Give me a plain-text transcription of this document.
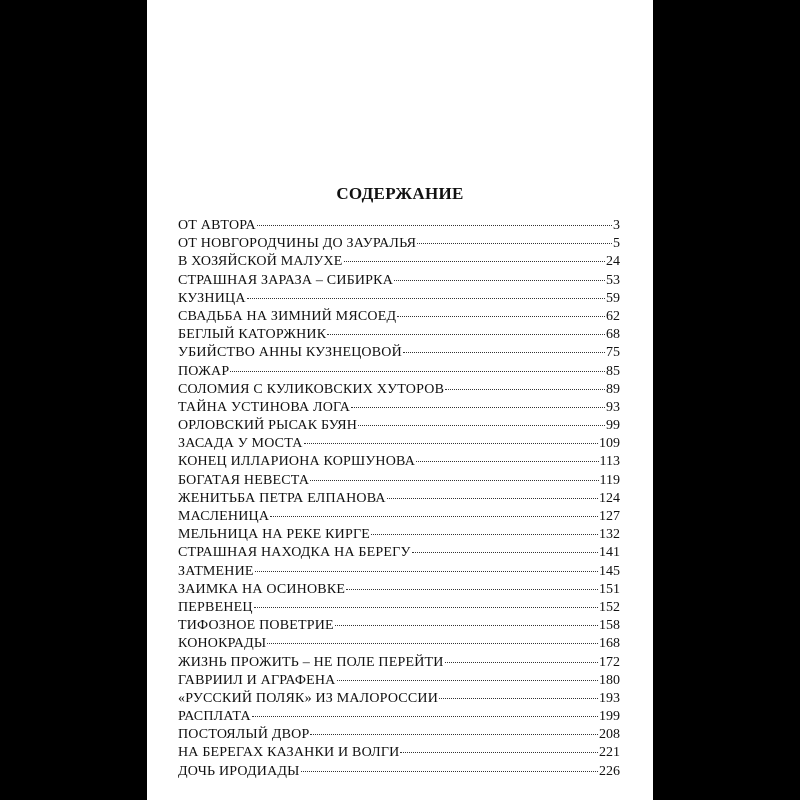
СОДЕРЖАНИЕ
ОТ АВТОРА	3
ОТ НОВГОРОДЧИНЫ ДО ЗАУРАЛЬЯ	5
В ХОЗЯЙСКОЙ МАЛУХЕ	24
СТРАШНАЯ ЗАРАЗА – СИБИРКА	53
КУЗНИЦА	59
СВАДЬБА НА ЗИМНИЙ МЯСОЕД	62
БЕГЛЫЙ КАТОРЖНИК	68
УБИЙСТВО АННЫ КУЗНЕЦОВОЙ	75
ПОЖАР	85
СОЛОМИЯ С КУЛИКОВСКИХ ХУТОРОВ	89
ТАЙНА УСТИНОВА ЛОГА	93
ОРЛОВСКИЙ РЫСАК БУЯН	99
ЗАСАДА У МОСТА	109
КОНЕЦ ИЛЛАРИОНА КОРШУНОВА	113
БОГАТАЯ НЕВЕСТА	119
ЖЕНИТЬБА ПЕТРА ЕЛПАНОВА	124
МАСЛЕНИЦА	127
МЕЛЬНИЦА НА РЕКЕ КИРГЕ	132
СТРАШНАЯ НАХОДКА НА БЕРЕГУ	141
ЗАТМЕНИЕ	145
ЗАИМКА НА ОСИНОВКЕ	151
ПЕРВЕНЕЦ	152
ТИФОЗНОЕ ПОВЕТРИЕ	158
КОНОКРАДЫ	168
ЖИЗНЬ ПРОЖИТЬ – НЕ ПОЛЕ ПЕРЕЙТИ	172
ГАВРИИЛ И АГРАФЕНА	180
«РУССКИЙ ПОЛЯК» ИЗ МАЛОРОССИИ	193
РАСПЛАТА	199
ПОСТОЯЛЫЙ ДВОР	208
НА БЕРЕГАХ КАЗАНКИ И ВОЛГИ	221
ДОЧЬ ИРОДИАДЫ	226
